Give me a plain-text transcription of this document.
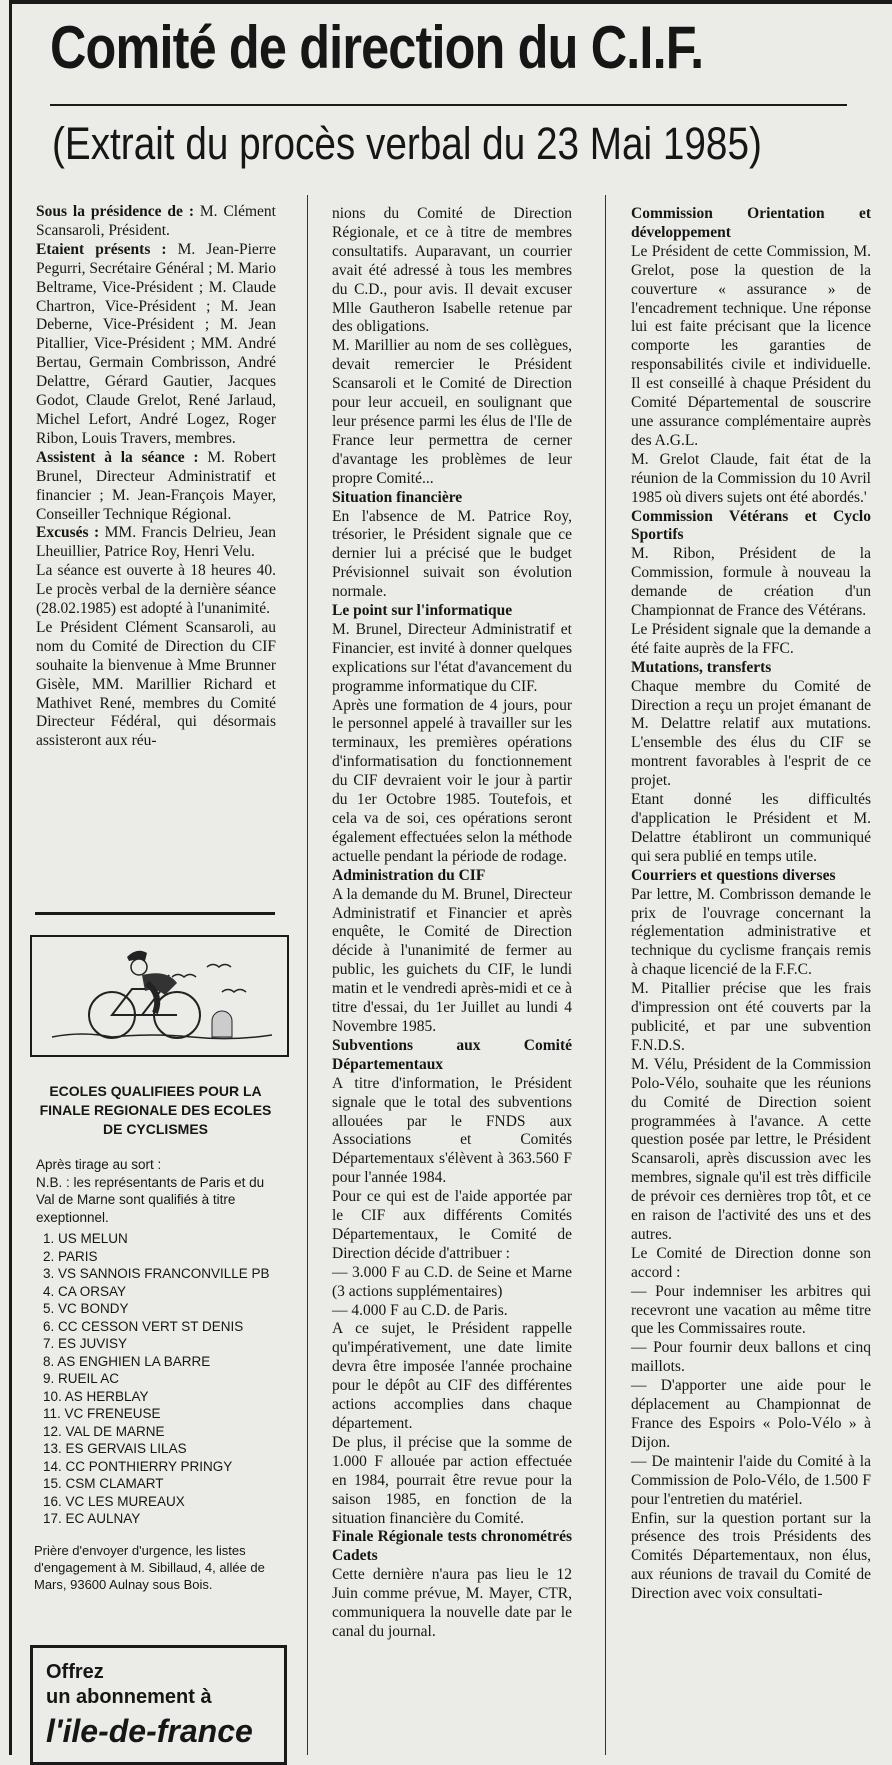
Comité de direction du C.I.F.
(Extrait du procès verbal du 23 Mai 1985)

Sous la présidence de : M. Clément Scansaroli, Président.

Etaient présents : M. Jean-Pierre Pegurri, Secrétaire Général ; M. Mario Beltrame, Vice-Président ; M. Claude Chartron, Vice-Président ; M. Jean Deberne, Vice-Président ; M. Jean Pitallier, Vice-Président ; MM. André Bertau, Germain Combrisson, André Delattre, Gérard Gautier, Jacques Godot, Claude Grelot, René Jarlaud, Michel Lefort, André Logez, Roger Ribon, Louis Travers, membres.

Assistent à la séance : M. Robert Brunel, Directeur Administratif et financier ; M. Jean-François Mayer, Conseiller Technique Régional.

Excusés : MM. Francis Delrieu, Jean Lheuillier, Patrice Roy, Henri Velu.

La séance est ouverte à 18 heures 40. Le procès verbal de la dernière séance (28.02.1985) est adopté à l'unanimité.

Le Président Clément Scansaroli, au nom du Comité de Direction du CIF souhaite la bienvenue à Mme Brunner Gisèle, MM. Marillier Richard et Mathivet René, membres du Comité Directeur Fédéral, qui désormais assisteront aux réu-

nions du Comité de Direction Régionale, et ce à titre de membres consultatifs. Auparavant, un courrier avait été adressé à tous les membres du C.D., pour avis. Il devait excuser Mlle Gautheron Isabelle retenue par des obligations.

M. Marillier au nom de ses collègues, devait remercier le Président Scansaroli et le Comité de Direction pour leur accueil, en soulignant que leur présence parmi les élus de l'Ile de France leur permettra de cerner d'avantage les problèmes de leur propre Comité...

Situation financière

En l'absence de M. Patrice Roy, trésorier, le Président signale que ce dernier lui a précisé que le budget Prévisionnel suivait son évolution normale.

Le point sur l'informatique

M. Brunel, Directeur Administratif et Financier, est invité à donner quelques explications sur l'état d'avancement du programme informatique du CIF.

Après une formation de 4 jours, pour le personnel appelé à travailler sur les terminaux, les premières opérations d'informatisation du fonctionnement du CIF devraient voir le jour à partir du 1er Octobre 1985. Toutefois, et cela va de soi, ces opérations seront également effectuées selon la méthode actuelle pendant la période de rodage.

Administration du CIF

A la demande du M. Brunel, Directeur Administratif et Financier et après enquête, le Comité de Direction décide à l'unanimité de fermer au public, les guichets du CIF, le lundi matin et le vendredi après-midi et ce à titre d'essai, du 1er Juillet au lundi 4 Novembre 1985.

Subventions aux Comité Départementaux

A titre d'information, le Président signale que le total des subventions allouées par le FNDS aux Associations et Comités Départementaux s'élèvent à 363.560 F pour l'année 1984.

Pour ce qui est de l'aide apportée par le CIF aux différents Comités Départementaux, le Comité de Direction décide d'attribuer :

— 3.000 F au C.D. de Seine et Marne (3 actions supplémentaires)

— 4.000 F au C.D. de Paris.

A ce sujet, le Président rappelle qu'impérativement, une date limite devra être imposée l'année prochaine pour le dépôt au CIF des différentes actions accomplies dans chaque département.

De plus, il précise que la somme de 1.000 F allouée par action effectuée en 1984, pourrait être revue pour la saison 1985, en fonction de la situation financière du Comité.

Finale Régionale tests chronométrés Cadets

Cette dernière n'aura pas lieu le 12 Juin comme prévue, M. Mayer, CTR, communiquera la nouvelle date par le canal du journal.

Commission Orientation et développement

Le Président de cette Commission, M. Grelot, pose la question de la couverture « assurance » de l'encadrement technique. Une réponse lui est faite précisant que la licence comporte les garanties de responsabilités civile et individuelle. Il est conseillé à chaque Président du Comité Départemental de souscrire une assurance complémentaire auprès des A.G.L.

M. Grelot Claude, fait état de la réunion de la Commission du 10 Avril 1985 où divers sujets ont été abordés.'

Commission Vétérans et Cyclo Sportifs

M. Ribon, Président de la Commission, formule à nouveau la demande de création d'un Championnat de France des Vétérans.

Le Président signale que la demande a été faite auprès de la FFC.

Mutations, transferts

Chaque membre du Comité de Direction a reçu un projet émanant de M. Delattre relatif aux mutations. L'ensemble des élus du CIF se montrent favorables à l'esprit de ce projet.

Etant donné les difficultés d'application le Président et M. Delattre établiront un communiqué qui sera publié en temps utile.

Courriers et questions diverses

Par lettre, M. Combrisson demande le prix de l'ouvrage concernant la réglementation administrative et technique du cyclisme français remis à chaque licencié de la F.F.C.

M. Pitallier précise que les frais d'impression ont été couverts par la publicité, et par une subvention F.N.D.S.

M. Vélu, Président de la Commission Polo-Vélo, souhaite que les réunions du Comité de Direction soient programmées à l'avance. A cette question posée par lettre, le Président Scansaroli, après discussion avec les membres, signale qu'il est très difficile de prévoir ces dernières trop tôt, et ce en raison de l'activité des uns et des autres.

Le Comité de Direction donne son accord :

— Pour indemniser les arbitres qui recevront une vacation au même titre que les Commissaires route.

— Pour fournir deux ballons et cinq maillots.

— D'apporter une aide pour le déplacement au Championnat de France des Espoirs « Polo-Vélo » à Dijon.

— De maintenir l'aide du Comité à la Commission de Polo-Vélo, de 1.500 F pour l'entretien du matériel.

Enfin, sur la question portant sur la présence des trois Présidents des Comités Départementaux, non élus, aux réunions de travail du Comité de Direction avec voix consultati-

ECOLES QUALIFIEES POUR LA FINALE REGIONALE DES ECOLES DE CYCLISMES

Après tirage au sort :

N.B. : les représentants de Paris et du Val de Marne sont qualifiés à titre exeptionnel.

1. US MELUN
2. PARIS
3. VS SANNOIS FRANCONVILLE PB
4. CA ORSAY
5. VC BONDY
6. CC CESSON VERT ST DENIS
7. ES JUVISY
8. AS ENGHIEN LA BARRE
9. RUEIL AC
10. AS HERBLAY
11. VC FRENEUSE
12. VAL DE MARNE
13. ES GERVAIS LILAS
14. CC PONTHIERRY PRINGY
15. CSM CLAMART
16. VC LES MUREAUX
17. EC AULNAY

Prière d'envoyer d'urgence, les listes d'engagement à M. Sibillaud, 4, allée de Mars, 93600 Aulnay sous Bois.

Offrez
un abonnement à
l'ile-de-france
